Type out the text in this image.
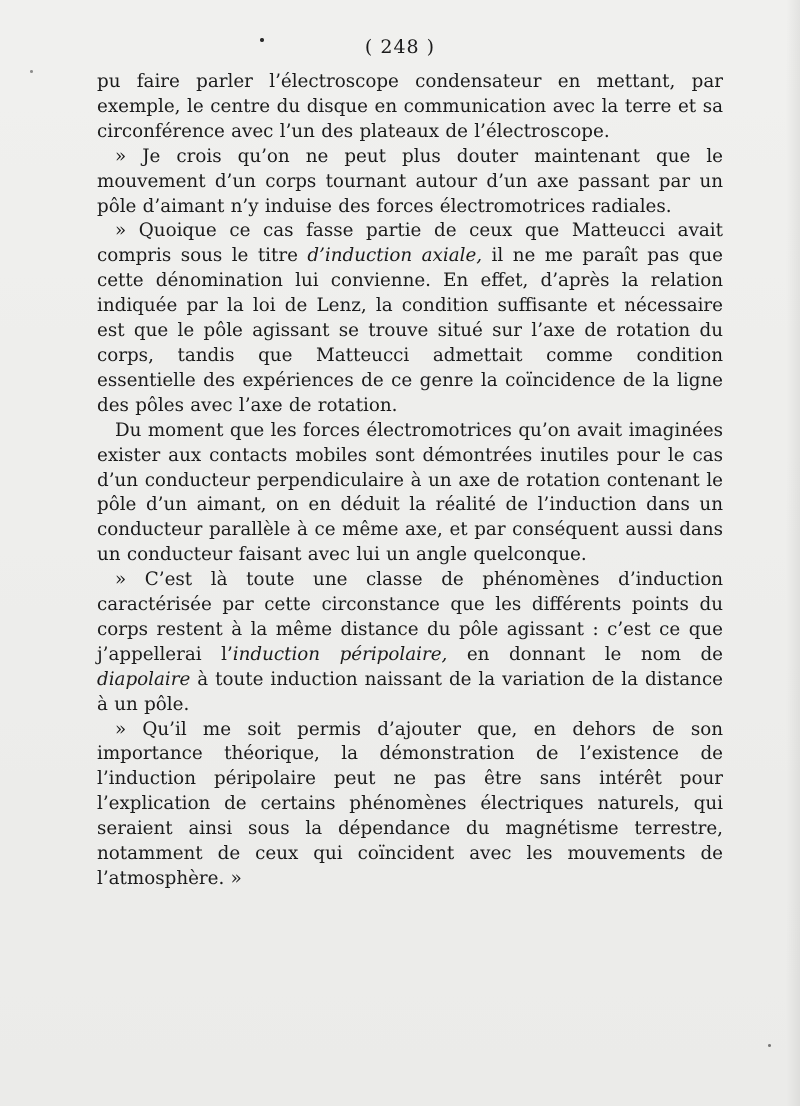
( 248 )

pu faire parler l’électroscope condensateur en mettant, par exemple, le centre du disque en communication avec la terre et sa circonférence avec l’un des plateaux de l’électroscope.

» Je crois qu’on ne peut plus douter maintenant que le mouvement d’un corps tournant autour d’un axe passant par un pôle d’aimant n’y induise des forces électromotrices radiales.

» Quoique ce cas fasse partie de ceux que Matteucci avait compris sous le titre d’induction axiale, il ne me paraît pas que cette dénomination lui convienne. En effet, d’après la relation indiquée par la loi de Lenz, la condition suffisante et nécessaire est que le pôle agissant se trouve situé sur l’axe de rotation du corps, tandis que Matteucci admettait comme condition essentielle des expériences de ce genre la coïncidence de la ligne des pôles avec l’axe de rotation.

Du moment que les forces électromotrices qu’on avait imaginées exister aux contacts mobiles sont démontrées inutiles pour le cas d’un conducteur perpendiculaire à un axe de rotation contenant le pôle d’un aimant, on en déduit la réalité de l’induction dans un conducteur parallèle à ce même axe, et par conséquent aussi dans un conducteur faisant avec lui un angle quelconque.

» C’est là toute une classe de phénomènes d’induction caractérisée par cette circonstance que les différents points du corps restent à la même distance du pôle agissant : c’est ce que j’appellerai l’induction péripolaire, en donnant le nom de diapolaire à toute induction naissant de la variation de la distance à un pôle.

» Qu’il me soit permis d’ajouter que, en dehors de son importance théorique, la démonstration de l’existence de l’induction péripolaire peut ne pas être sans intérêt pour l’explication de certains phénomènes électriques naturels, qui seraient ainsi sous la dépendance du magnétisme terrestre, notamment de ceux qui coïncident avec les mouvements de l’atmosphère. »
